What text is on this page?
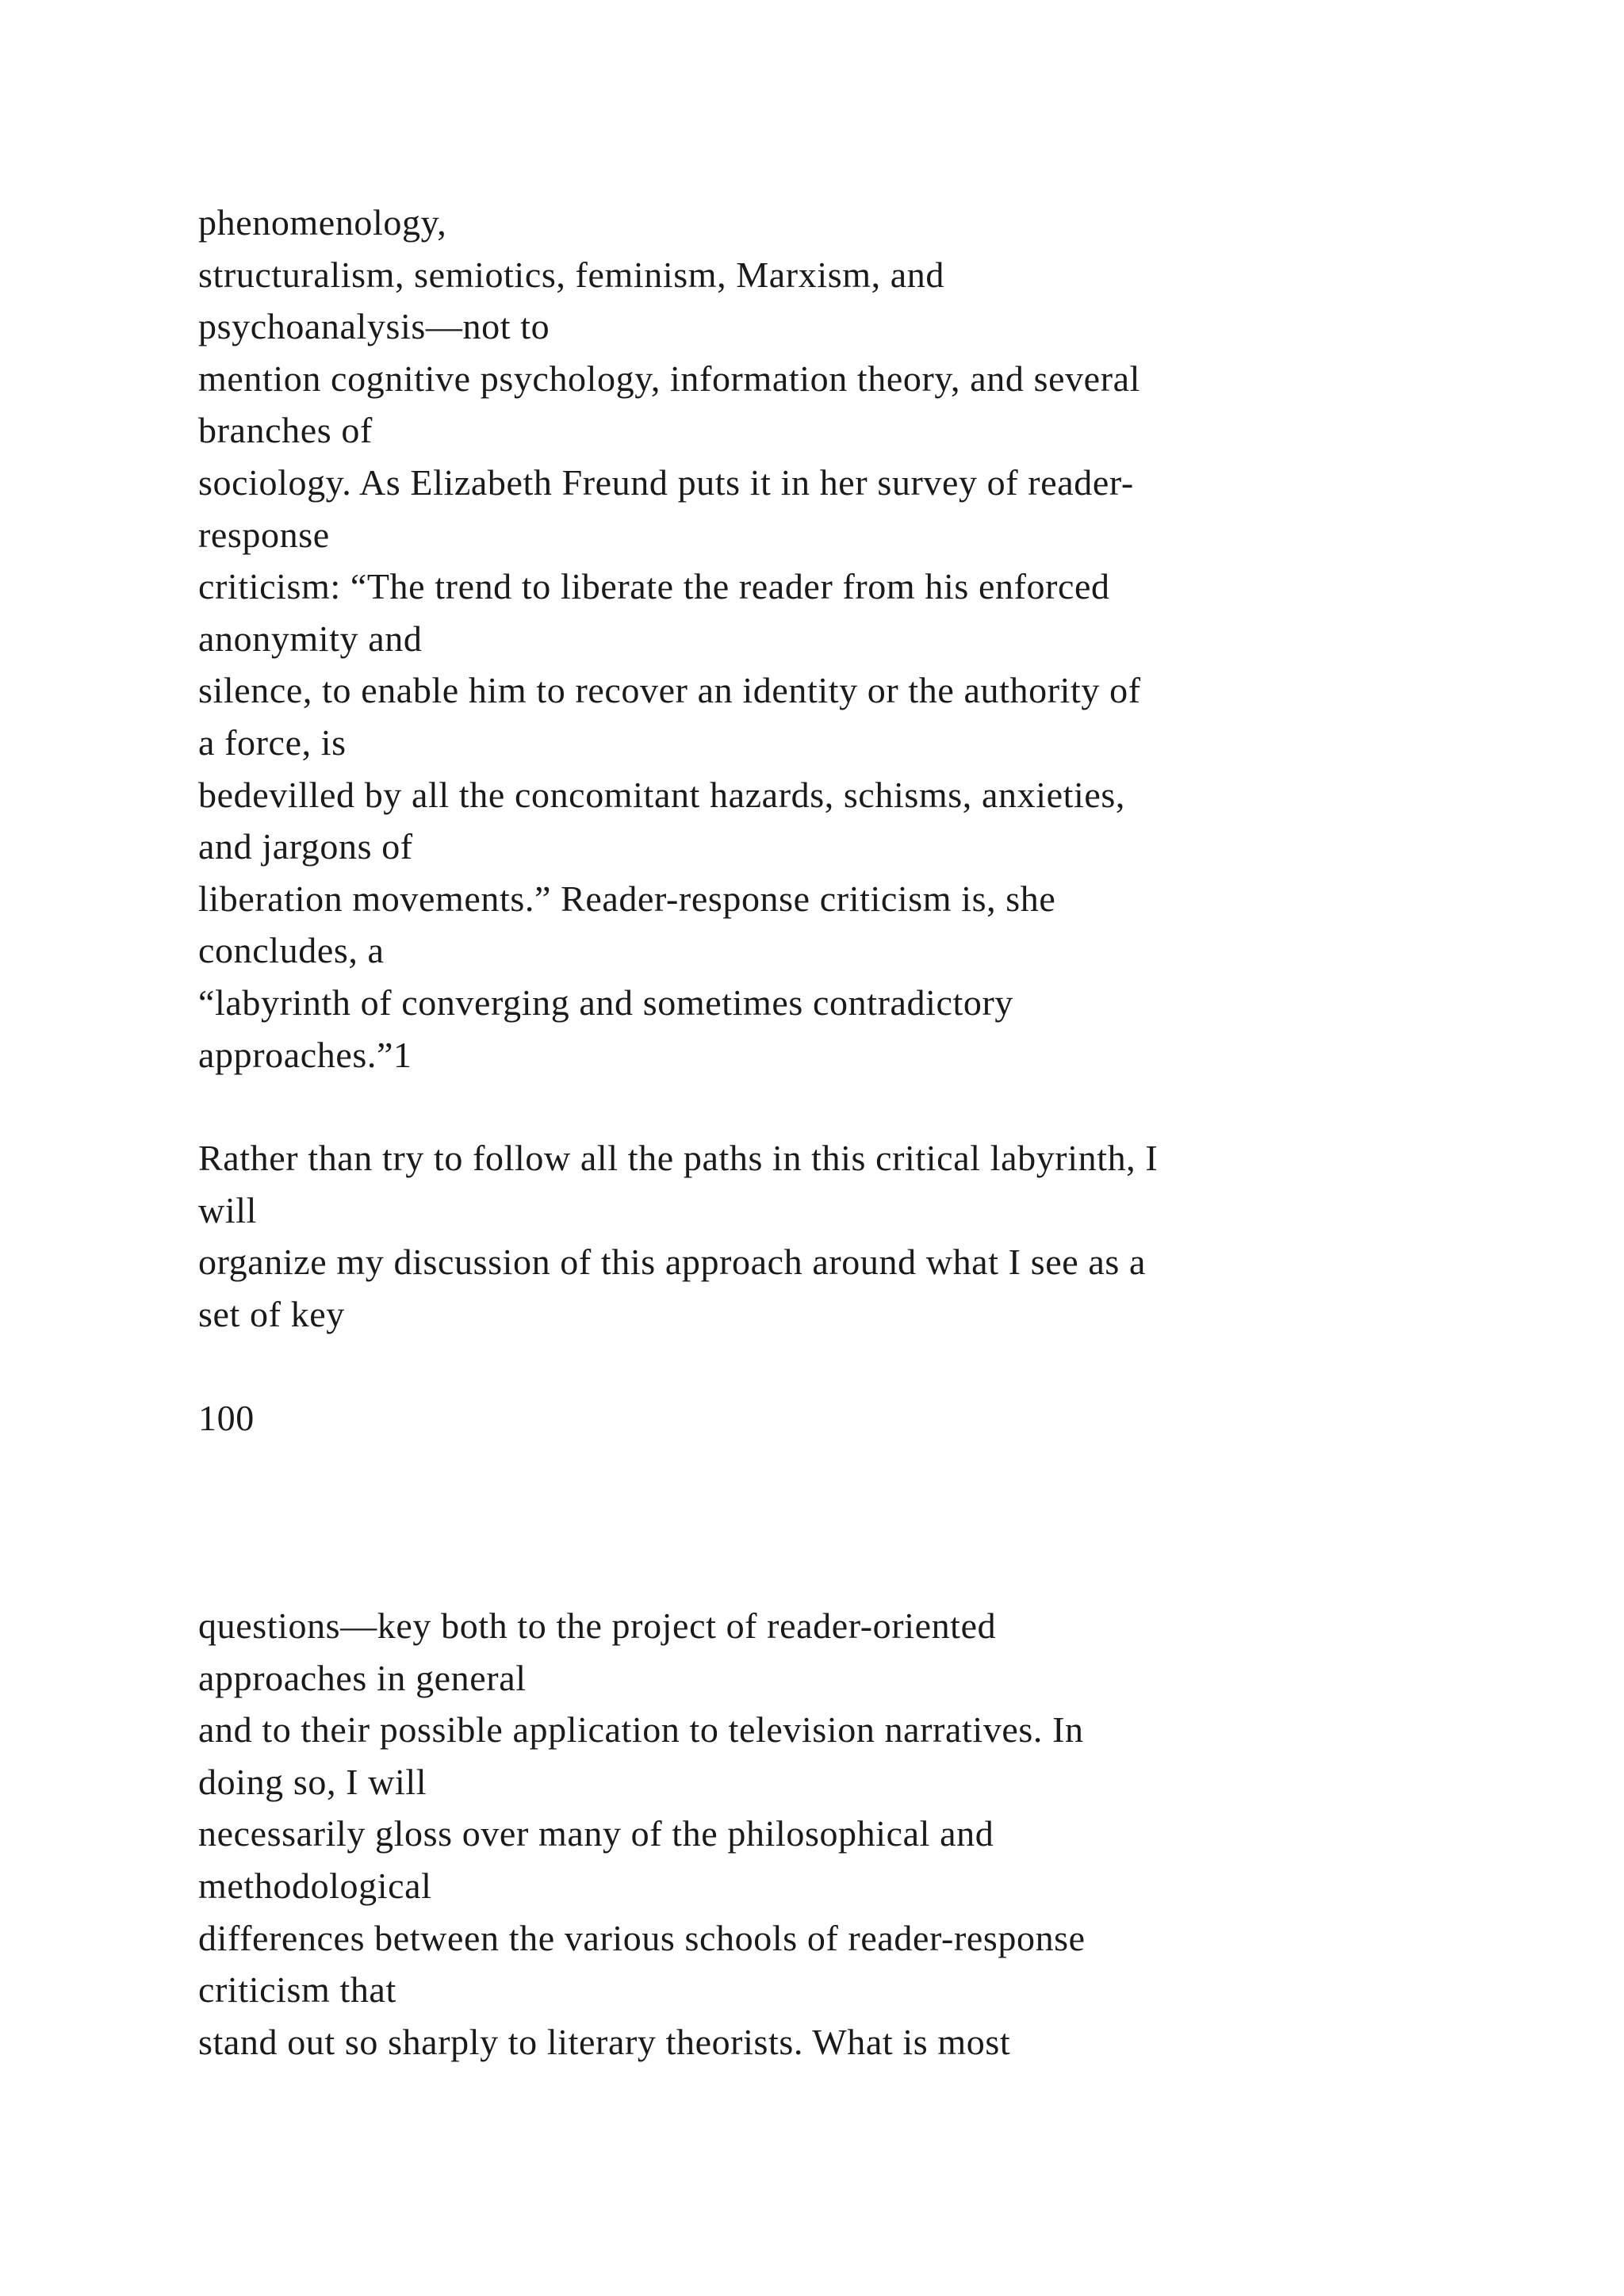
phenomenology,
structuralism, semiotics, feminism, Marxism, and
psychoanalysis—not to
mention cognitive psychology, information theory, and several
branches of
sociology. As Elizabeth Freund puts it in her survey of reader-
response
criticism: “The trend to liberate the reader from his enforced
anonymity and
silence, to enable him to recover an identity or the authority of
a force, is
bedevilled by all the concomitant hazards, schisms, anxieties,
and jargons of
liberation movements.” Reader-response criticism is, she
concludes, a
“labyrinth of converging and sometimes contradictory
approaches.”1
Rather than try to follow all the paths in this critical labyrinth, I
will
organize my discussion of this approach around what I see as a
set of key
100
questions—key both to the project of reader-oriented
approaches in general
and to their possible application to television narratives. In
doing so, I will
necessarily gloss over many of the philosophical and
methodological
differences between the various schools of reader-response
criticism that
stand out so sharply to literary theorists. What is most
